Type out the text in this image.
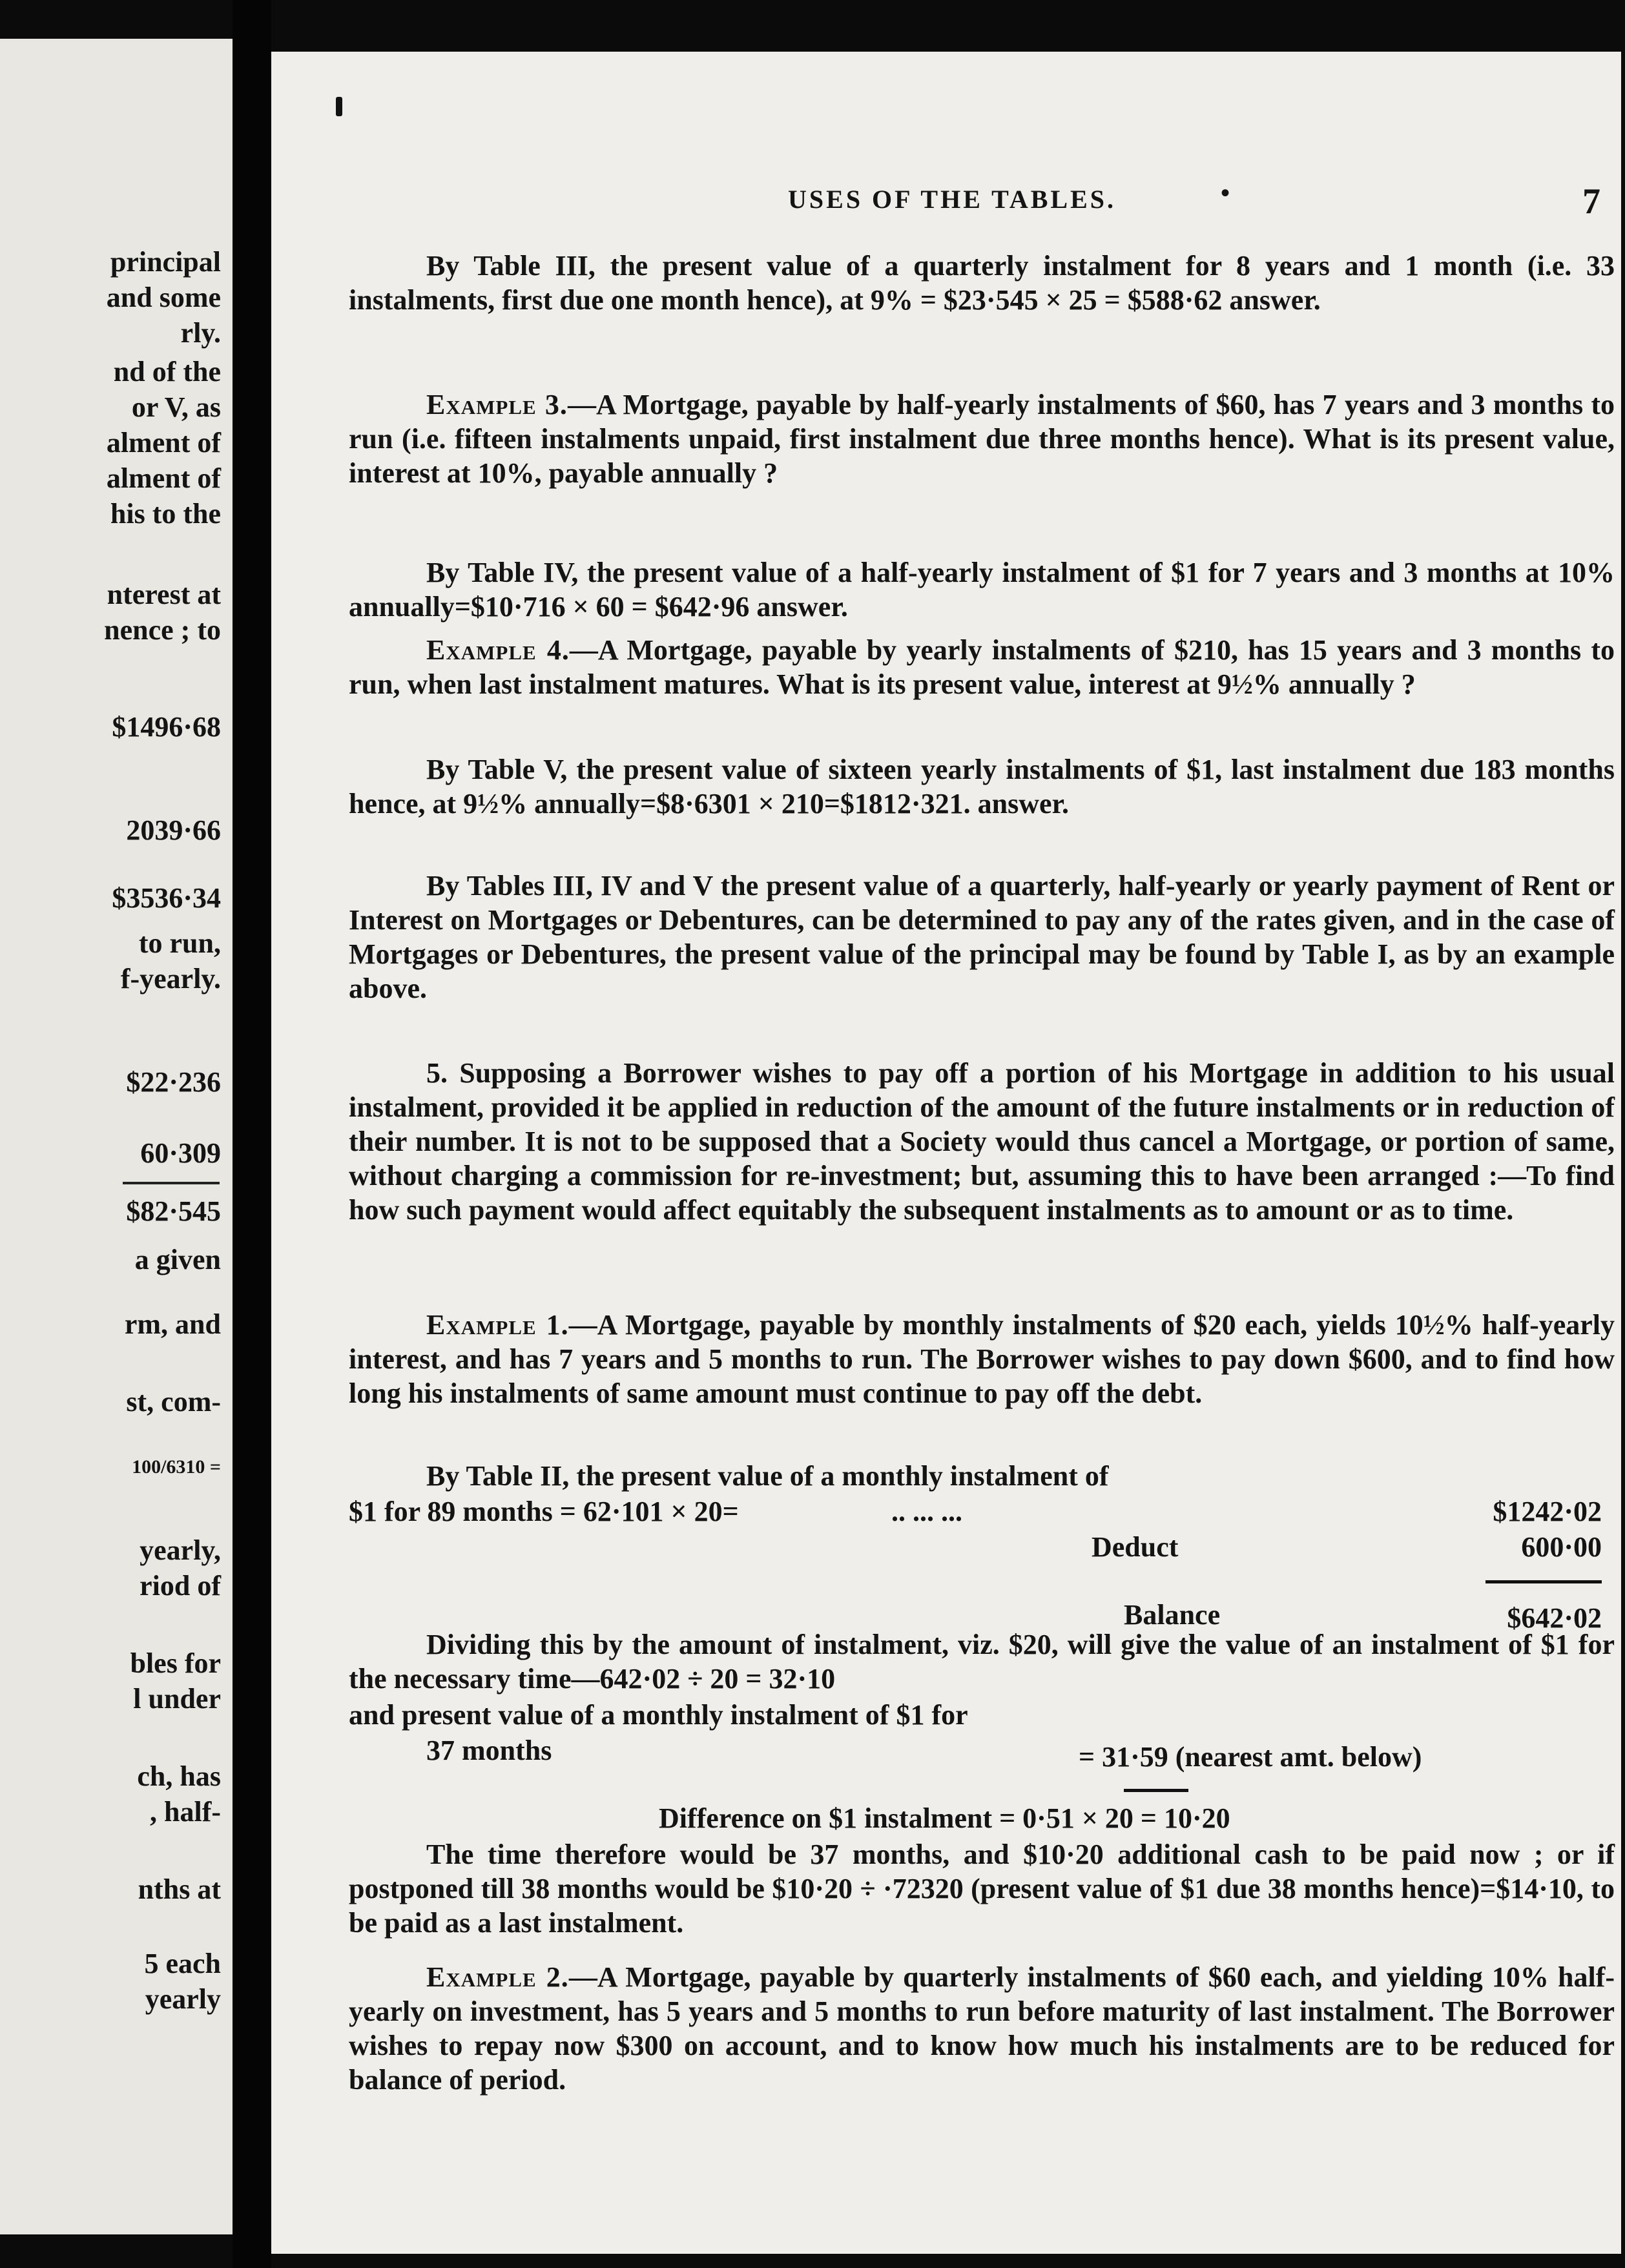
principal
and some
rly.
nd of the
or V, as
alment of
alment of
his to the
nterest at
nence ; to
$1496·68
2039·66
$3536·34
to run,
f-yearly.
$22·236
60·309
$82·545
a given
rm, and
st, com-
100/6310 =
yearly,
riod of
bles for
l under
ch, has
, half-
nths at
5 each
yearly
USES OF THE TABLES.	•	7
By Table III, the present value of a quarterly instalment for 8 years and 1 month (i.e. 33 instalments, first due one month hence), at 9% = $23·545 × 25 = $588·62 answer.
Example 3.—A Mortgage, payable by half-yearly instalments of $60, has 7 years and 3 months to run (i.e. fifteen instalments unpaid, first instalment due three months hence). What is its present value, interest at 10%, payable annually ?
By Table IV, the present value of a half-yearly instalment of $1 for 7 years and 3 months at 10% annually=$10·716 × 60 = $642·96 answer.
Example 4.—A Mortgage, payable by yearly instalments of $210, has 15 years and 3 months to run, when last instalment matures. What is its present value, interest at 9½% annually ?
By Table V, the present value of sixteen yearly instalments of $1, last instalment due 183 months hence, at 9½% annually=$8·6301 × 210=$1812·321. answer.
By Tables III, IV and V the present value of a quarterly, half-yearly or yearly payment of Rent or Interest on Mortgages or Debentures, can be determined to pay any of the rates given, and in the case of Mortgages or Debentures, the present value of the principal may be found by Table I, as by an example above.
5. Supposing a Borrower wishes to pay off a portion of his Mortgage in addition to his usual instalment, provided it be applied in reduction of the amount of the future instalments or in reduction of their number. It is not to be supposed that a Society would thus cancel a Mortgage, or portion of same, without charging a commission for re-investment; but, assuming this to have been arranged :—To find how such payment would affect equitably the subsequent instalments as to amount or as to time.
Example 1.—A Mortgage, payable by monthly instalments of $20 each, yields 10½% half-yearly interest, and has 7 years and 5 months to run. The Borrower wishes to pay down $600, and to find how long his instalments of same amount must continue to pay off the debt.
By Table II, the present value of a monthly instalment of
$1 for 89 months = 62·101 × 20=	.. ... ...	$1242·02
Deduct	600·00
Balance	$642·02
Dividing this by the amount of instalment, viz. $20, will give the value of an instalment of $1 for the necessary time—642·02 ÷ 20 = 32·10
and present value of a monthly instalment of $1 for
37 months	= 31·59 (nearest amt. below)
Difference on $1 instalment = 0·51 × 20 = 10·20
The time therefore would be 37 months, and $10·20 additional cash to be paid now ; or if postponed till 38 months would be $10·20 ÷ ·72320 (present value of $1 due 38 months hence)=$14·10, to be paid as a last instalment.
Example 2.—A Mortgage, payable by quarterly instalments of $60 each, and yielding 10% half-yearly on investment, has 5 years and 5 months to run before maturity of last instalment. The Borrower wishes to repay now $300 on account, and to know how much his instalments are to be reduced for balance of period.
